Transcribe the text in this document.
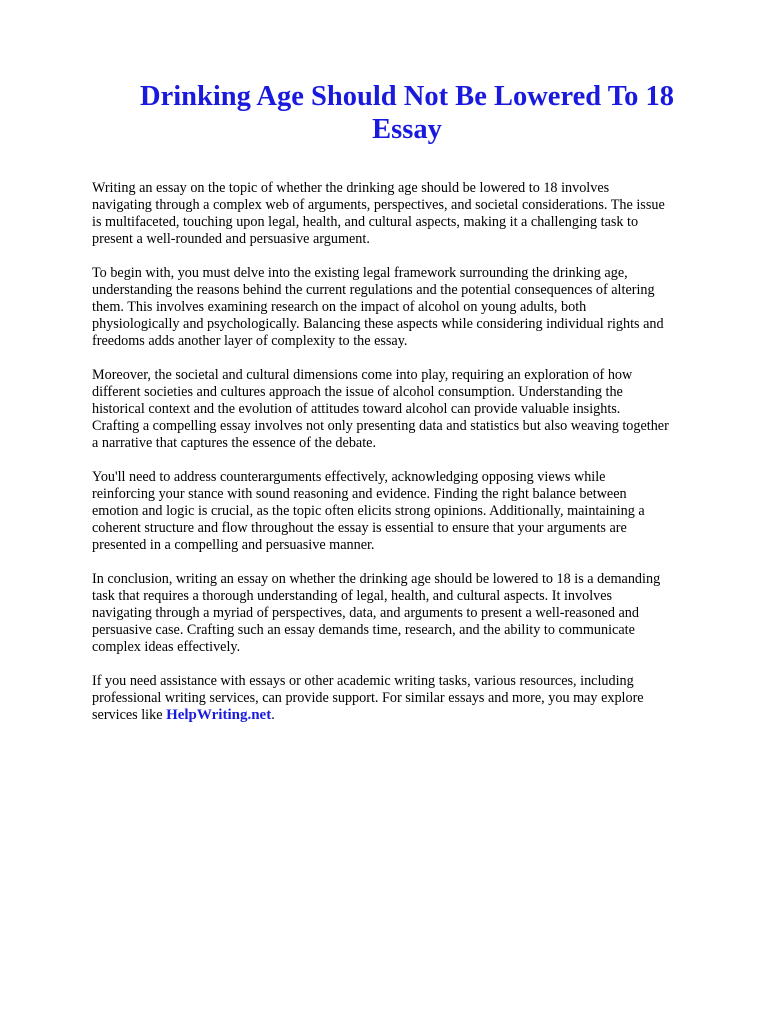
Drinking Age Should Not Be Lowered To 18
Essay

Writing an essay on the topic of whether the drinking age should be lowered to 18 involves
navigating through a complex web of arguments, perspectives, and societal considerations. The issue
is multifaceted, touching upon legal, health, and cultural aspects, making it a challenging task to
present a well-rounded and persuasive argument.

To begin with, you must delve into the existing legal framework surrounding the drinking age,
understanding the reasons behind the current regulations and the potential consequences of altering
them. This involves examining research on the impact of alcohol on young adults, both
physiologically and psychologically. Balancing these aspects while considering individual rights and
freedoms adds another layer of complexity to the essay.

Moreover, the societal and cultural dimensions come into play, requiring an exploration of how
different societies and cultures approach the issue of alcohol consumption. Understanding the
historical context and the evolution of attitudes toward alcohol can provide valuable insights.
Crafting a compelling essay involves not only presenting data and statistics but also weaving together
a narrative that captures the essence of the debate.

You'll need to address counterarguments effectively, acknowledging opposing views while
reinforcing your stance with sound reasoning and evidence. Finding the right balance between
emotion and logic is crucial, as the topic often elicits strong opinions. Additionally, maintaining a
coherent structure and flow throughout the essay is essential to ensure that your arguments are
presented in a compelling and persuasive manner.

In conclusion, writing an essay on whether the drinking age should be lowered to 18 is a demanding
task that requires a thorough understanding of legal, health, and cultural aspects. It involves
navigating through a myriad of perspectives, data, and arguments to present a well-reasoned and
persuasive case. Crafting such an essay demands time, research, and the ability to communicate
complex ideas effectively.

If you need assistance with essays or other academic writing tasks, various resources, including
professional writing services, can provide support. For similar essays and more, you may explore
services like HelpWriting.net.
